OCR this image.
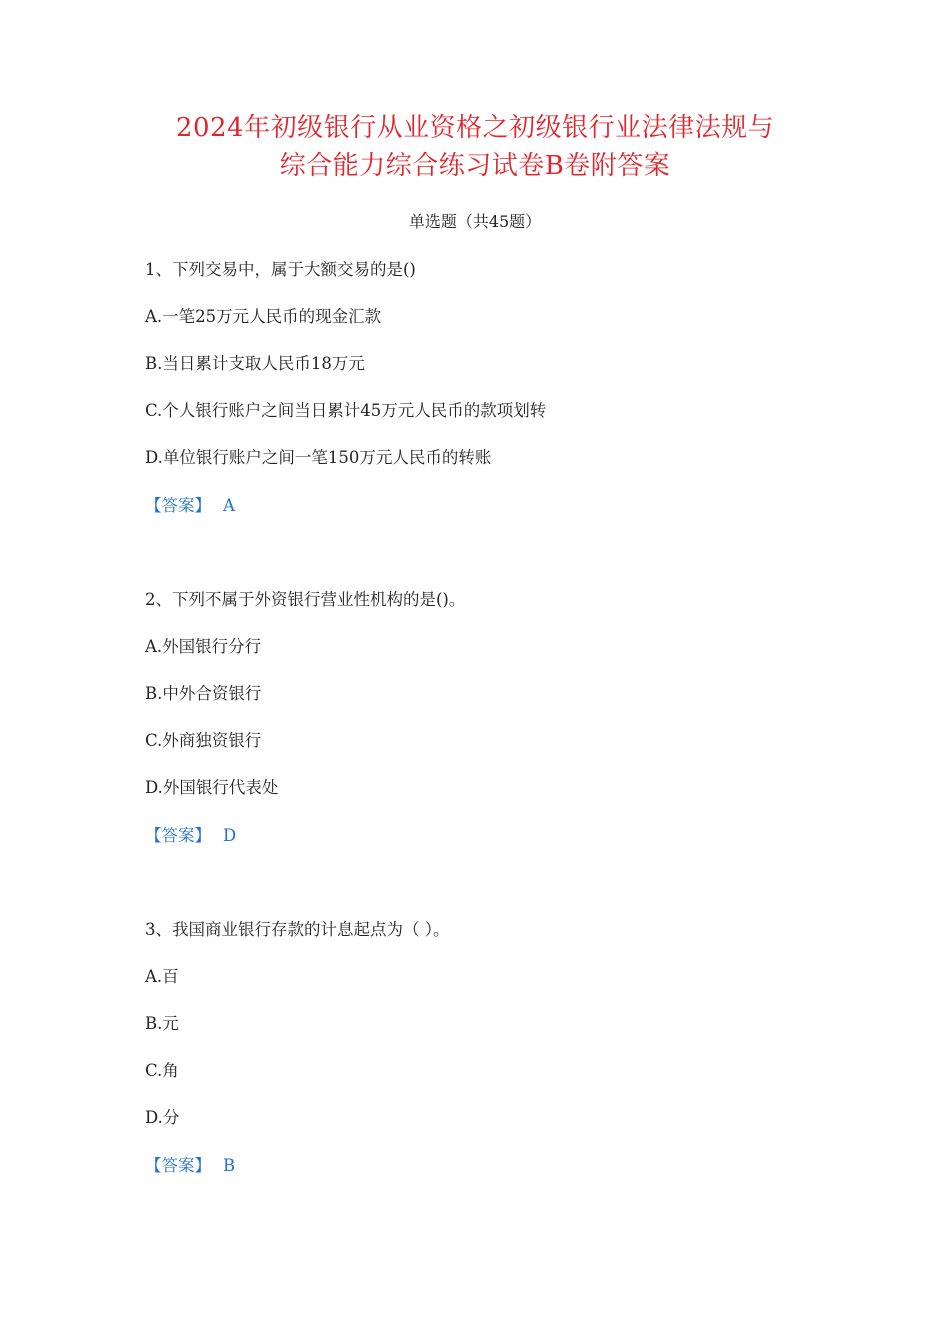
2024年初级银行从业资格之初级银行业法律法规与
综合能力综合练习试卷B卷附答案
单选题（共45题）
1、下列交易中，属于大额交易的是()
A.一笔25万元人民币的现金汇款
B.当日累计支取人民币18万元
C.个人银行账户之间当日累计45万元人民币的款项划转
D.单位银行账户之间一笔150万元人民币的转账
【答案】 A
2、下列不属于外资银行营业性机构的是()。
A.外国银行分行
B.中外合资银行
C.外商独资银行
D.外国银行代表处
【答案】 D
3、我国商业银行存款的计息起点为（ ）。
A.百
B.元
C.角
D.分
【答案】 B
